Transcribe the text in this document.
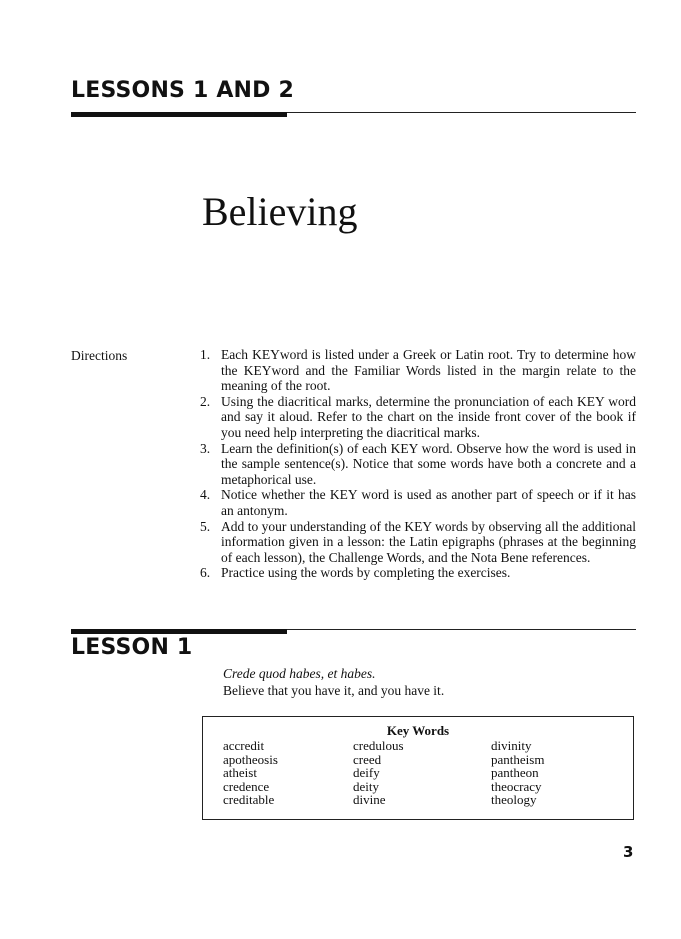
LESSONS 1 AND 2
Believing
Directions	1. Each KEYword is listed under a Greek or Latin root. Try to determine how the KEYword and the Familiar Words listed in the margin relate to the meaning of the root.
2. Using the diacritical marks, determine the pronunciation of each KEY word and say it aloud. Refer to the chart on the inside front cover of the book if you need help interpreting the diacritical marks.
3. Learn the definition(s) of each KEY word. Observe how the word is used in the sample sentence(s). Notice that some words have both a concrete and a metaphorical use.
4. Notice whether the KEY word is used as another part of speech or if it has an antonym.
5. Add to your understanding of the KEY words by observing all the additional information given in a lesson: the Latin epigraphs (phrases at the beginning of each lesson), the Challenge Words, and the Nota Bene references.
6. Practice using the words by completing the exercises.
LESSON 1
Crede quod habes, et habes.
Believe that you have it, and you have it.
Key Words
accredit
apotheosis
atheist
credence
creditable
credulous
creed
deify
deity
divine
divinity
pantheism
pantheon
theocracy
theology
3
